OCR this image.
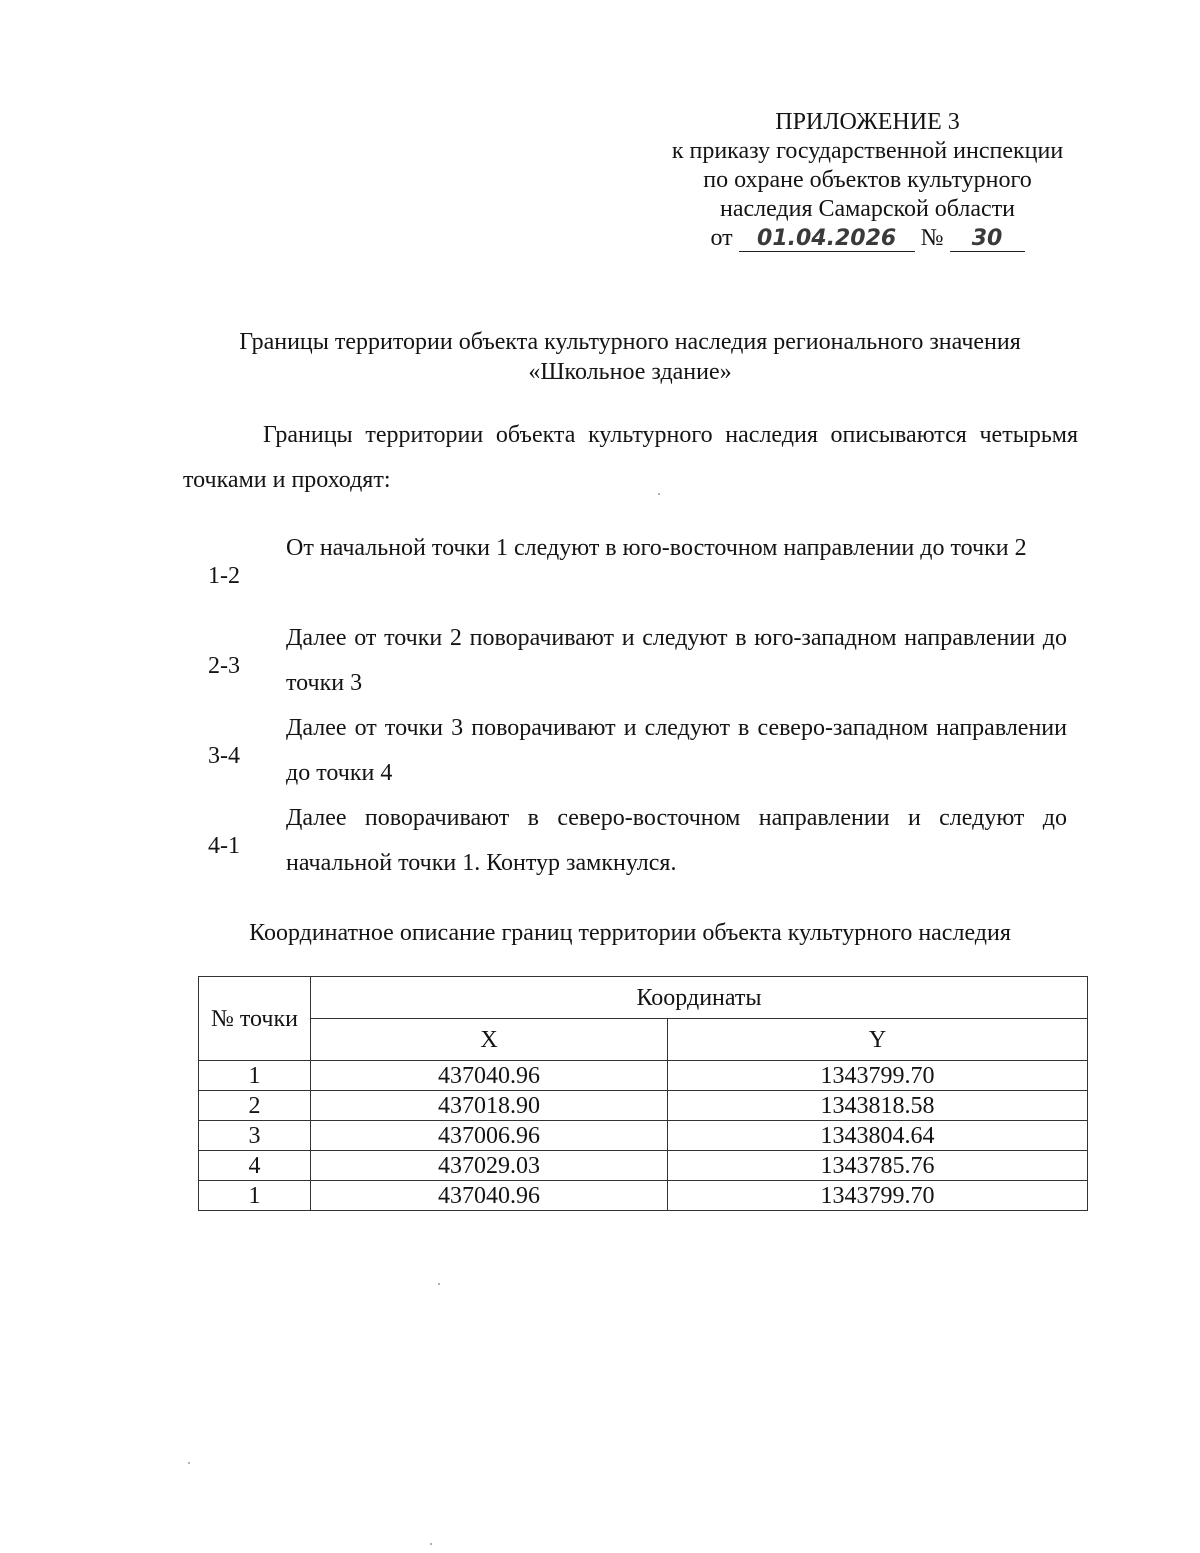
ПРИЛОЖЕНИЕ 3
к приказу государственной инспекции
по охране объектов культурного
наследия Самарской области
от 01.04.2026 № 30
Границы территории объекта культурного наследия регионального значения
«Школьное здание»
Границы территории объекта культурного наследия описываются четырьмя точками и проходят:
1-2
От начальной точки 1 следуют в юго-восточном направлении до точки 2
2-3
Далее от точки 2 поворачивают и следуют в юго-западном направлении до точки 3
3-4
Далее от точки 3 поворачивают и следуют в северо-западном направлении до точки 4
4-1
Далее поворачивают в северо-восточном направлении и следуют до начальной точки 1. Контур замкнулся.
Координатное описание границ территории объекта культурного наследия
№ точки	Координаты	
	X	Y
1	437040.96	1343799.70
2	437018.90	1343818.58
3	437006.96	1343804.64
4	437029.03	1343785.76
1	437040.96	1343799.70
